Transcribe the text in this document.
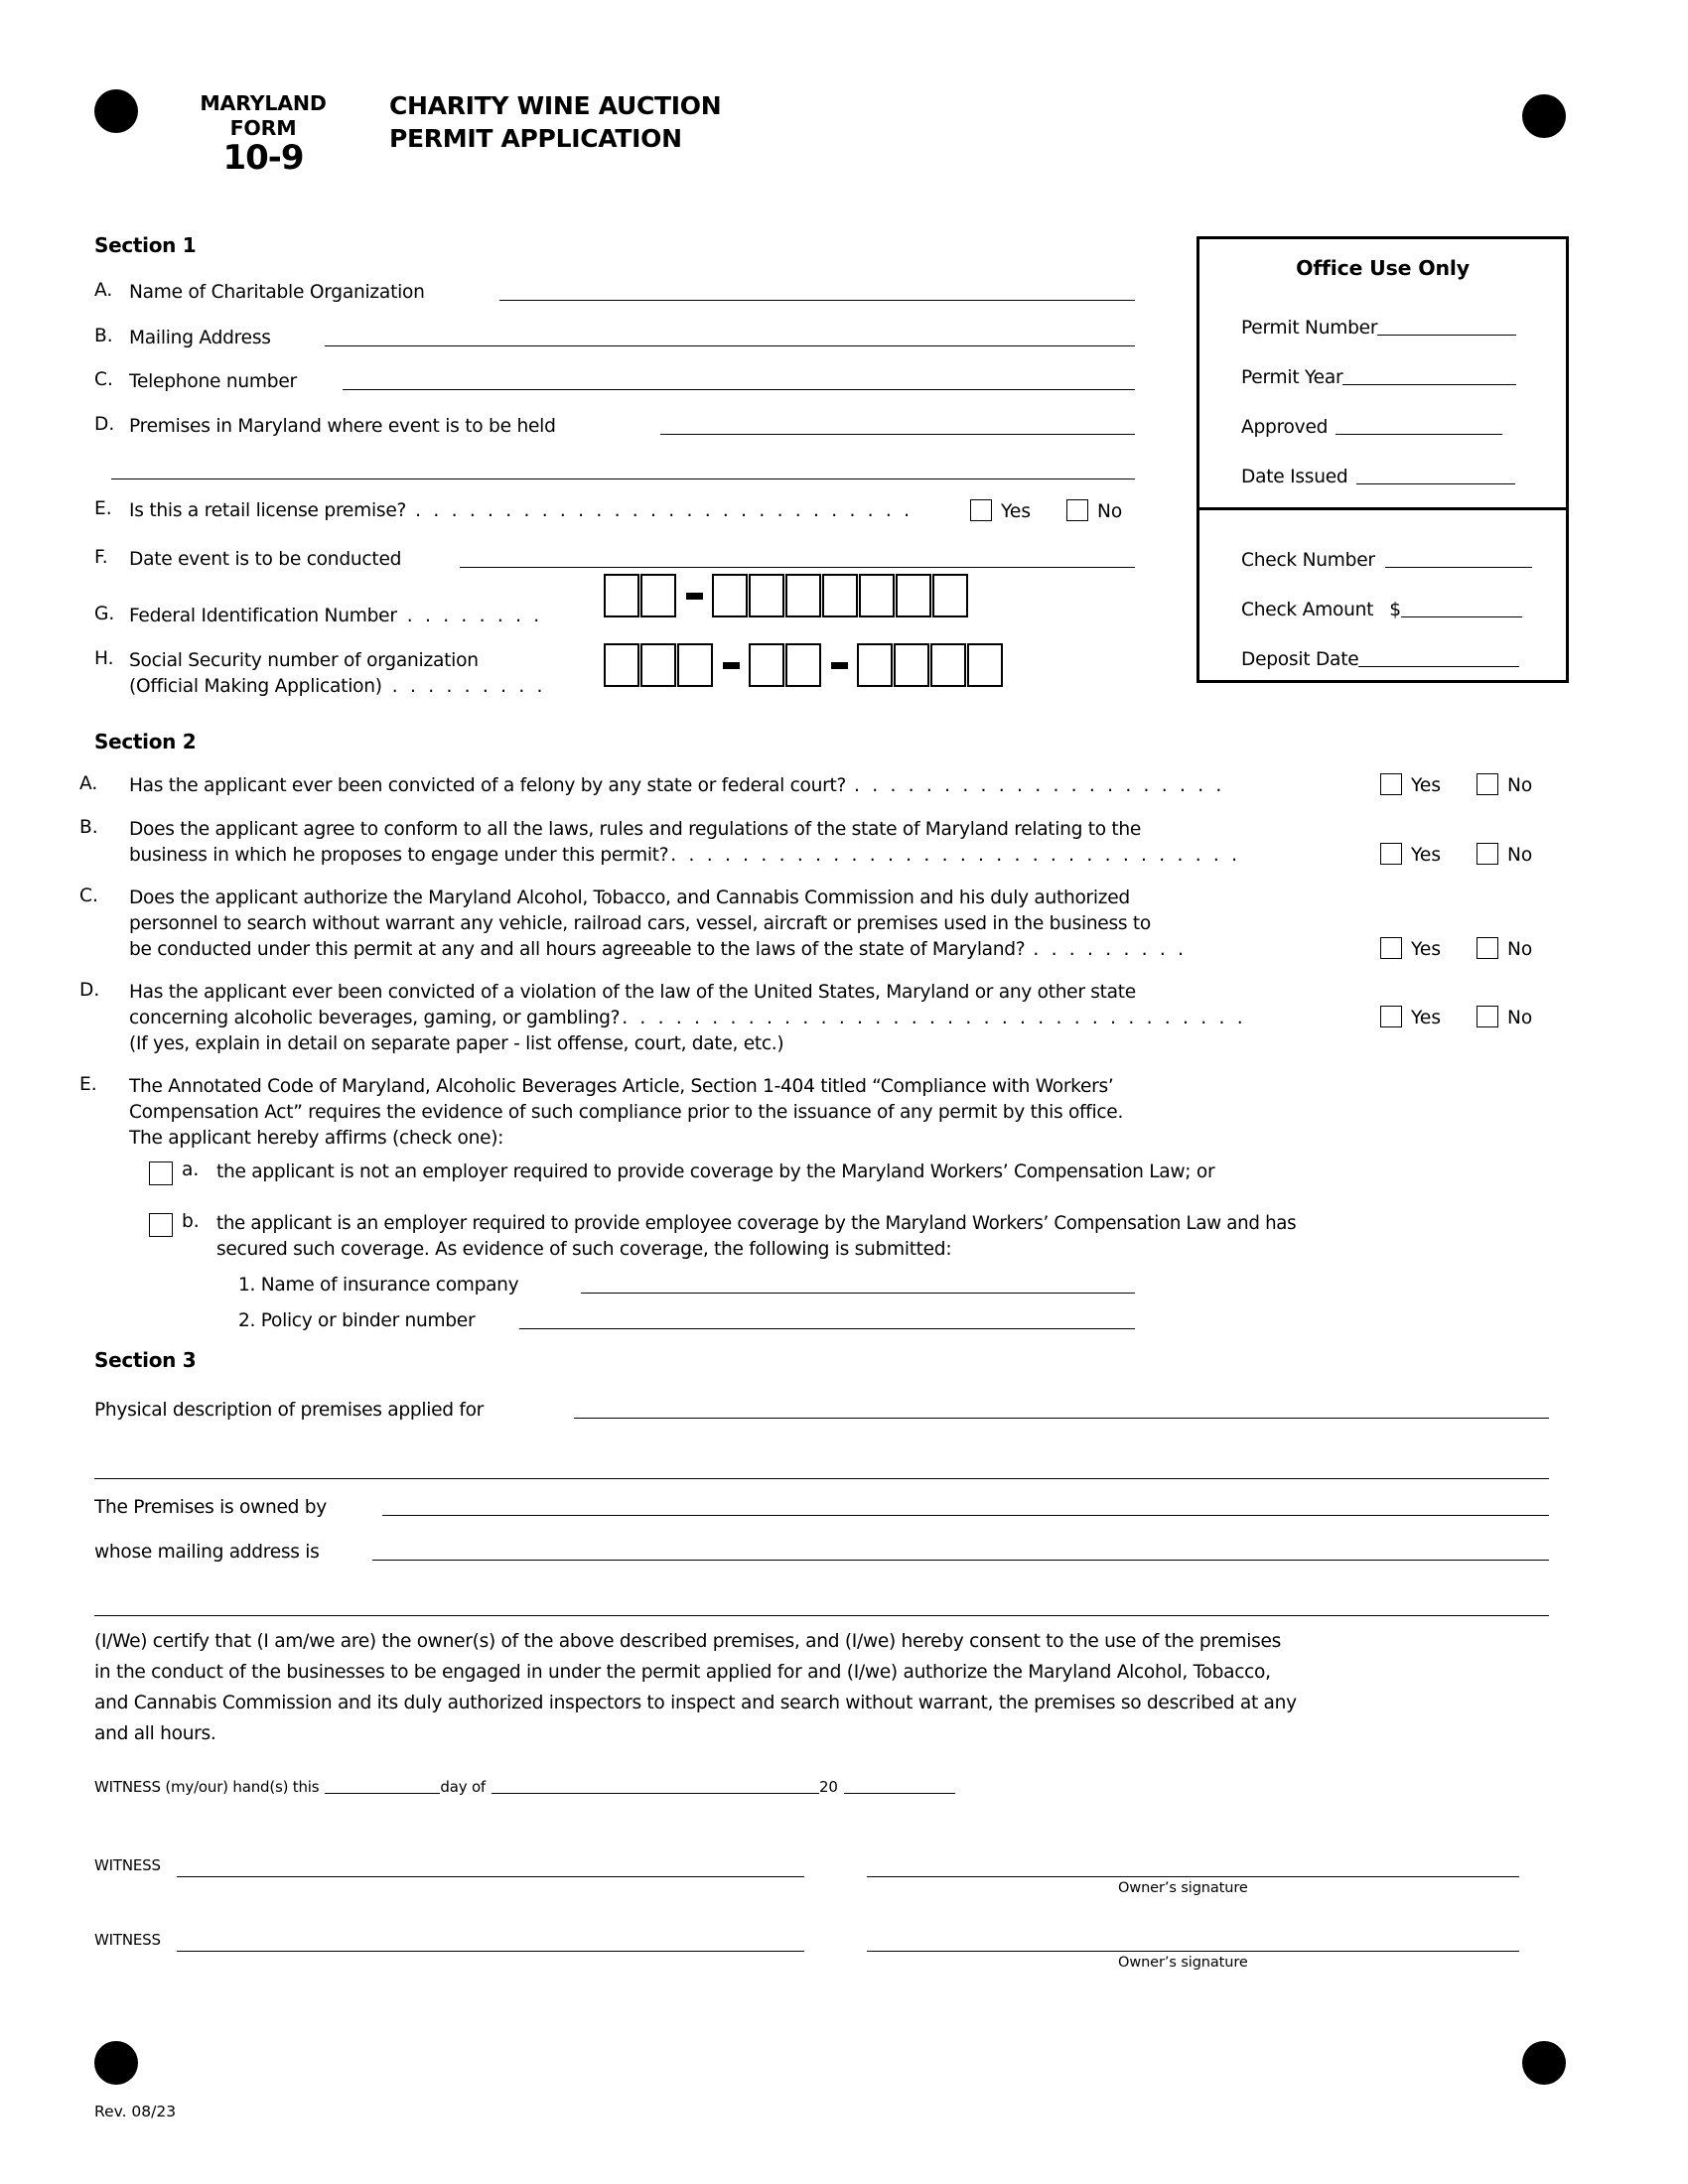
MARYLAND
FORM
10-9
CHARITY WINE AUCTION
PERMIT APPLICATION
Office Use Only
Permit Number
Permit Year
Approved
Date Issued
Check Number
Check Amount $
Deposit Date
Section 1
A. Name of Charitable Organization
B. Mailing Address
C. Telephone number
D. Premises in Maryland where event is to be held
E. Is this a retail license premise? . . . . . . . . . . . . . . . . . . . . . . . . . . . .	Yes	No
F. Date event is to be conducted
G. Federal Identification Number . . . . . . . .
H. Social Security number of organization
(Official Making Application) . . . . . . . . .
Section 2
A. Has the applicant ever been convicted of a felony by any state or federal court? . . . . . . . . . . . . . . . . . . . . .	Yes	No
B. Does the applicant agree to conform to all the laws, rules and regulations of the state of Maryland relating to the
business in which he proposes to engage under this permit? . . . . . . . . . . . . . . . . . . . . . . . . . . . . . . . .	Yes	No
C. Does the applicant authorize the Maryland Alcohol, Tobacco, and Cannabis Commission and his duly authorized
personnel to search without warrant any vehicle, railroad cars, vessel, aircraft or premises used in the business to
be conducted under this permit at any and all hours agreeable to the laws of the state of Maryland? . . . . . . . . .	Yes	No
D. Has the applicant ever been convicted of a violation of the law of the United States, Maryland or any other state
concerning alcoholic beverages, gaming, or gambling? . . . . . . . . . . . . . . . . . . . . . . . . . . . . . . . . . . .
(If yes, explain in detail on separate paper - list offense, court, date, etc.)
Yes	No
E. The Annotated Code of Maryland, Alcoholic Beverages Article, Section 1-404 titled “Compliance with Workers’
Compensation Act” requires the evidence of such compliance prior to the issuance of any permit by this office.
The applicant hereby affirms (check one):
a. the applicant is not an employer required to provide coverage by the Maryland Workers’ Compensation Law; or
b. the applicant is an employer required to provide employee coverage by the Maryland Workers’ Compensation Law and has
secured such coverage. As evidence of such coverage, the following is submitted:
1. Name of insurance company
2. Policy or binder number
Section 3
Physical description of premises applied for
The Premises is owned by
whose mailing address is
(I/We) certify that (I am/we are) the owner(s) of the above described premises, and (I/we) hereby consent to the use of the premises
in the conduct of the businesses to be engaged in under the permit applied for and (I/we) authorize the Maryland Alcohol, Tobacco,
and Cannabis Commission and its duly authorized inspectors to inspect and search without warrant, the premises so described at any
and all hours.
WITNESS (my/our) hand(s) this	day of	20
WITNESS
Owner’s signature
WITNESS
Owner’s signature
Rev. 08/23
